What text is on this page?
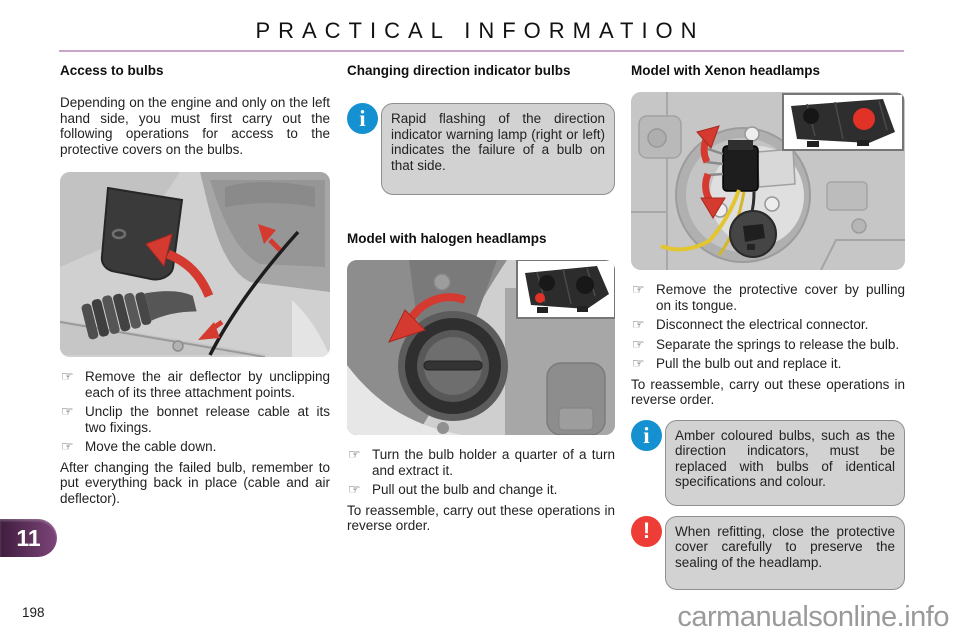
PRACTICAL INFORMATION
Access to bulbs

Depending on the engine and only on the left hand side, you must first carry out the following operations for access to the protective covers on the bulbs.

☞ Remove the air deflector by unclipping each of its three attachment points.
☞ Unclip the bonnet release cable at its two fixings.
☞ Move the cable down.

After changing the failed bulb, remember to put everything back in place (cable and air deflector).

Changing direction indicator bulbs
i	Rapid flashing of the direction indicator warning lamp (right or left) indicates the failure of a bulb on that side.

Model with halogen headlamps
☞ Turn the bulb holder a quarter of a turn and extract it.
☞ Pull out the bulb and change it.

To reassemble, carry out these operations in reverse order.

Model with Xenon headlamps
☞ Remove the protective cover by pulling on its tongue.
☞ Disconnect the electrical connector.
☞ Separate the springs to release the bulb.
☞ Pull the bulb out and replace it.

To reassemble, carry out these operations in reverse order.

i	Amber coloured bulbs, such as the direction indicators, must be replaced with bulbs of identical specifications and colour.

!	When refitting, close the protective cover carefully to preserve the sealing of the headlamp.

11
198	carmanualsonline.info
